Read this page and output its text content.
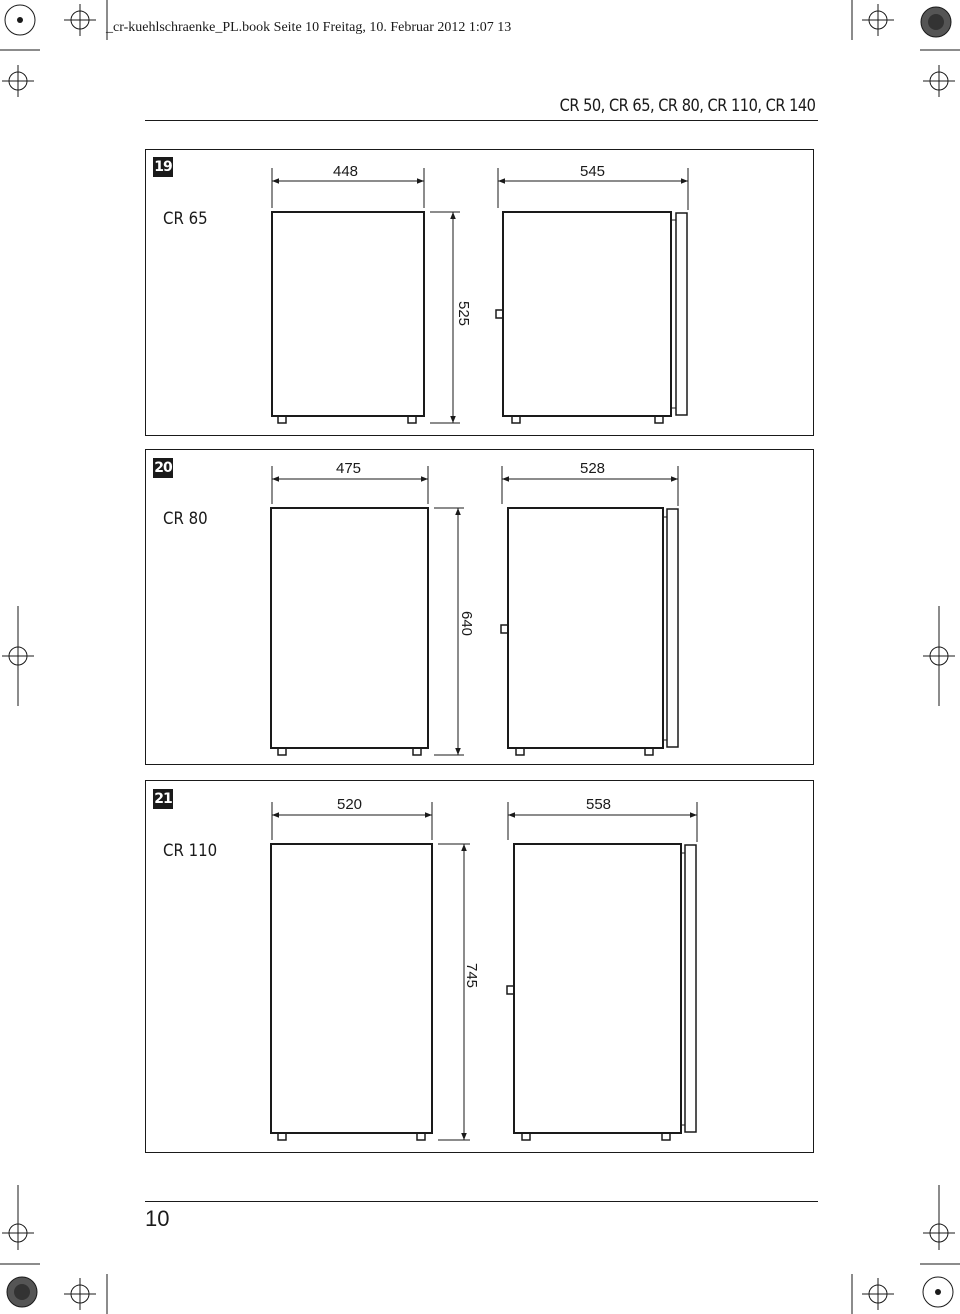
_cr-kuehlschraenke_PL.book Seite 10 Freitag, 10. Februar 2012 1:07 13
CR 50, CR 65, CR 80, CR 110, CR 140
19
20
21
CR 65
CR 80
CR 110
448	545
525
475	528
640
520	558
745
10
